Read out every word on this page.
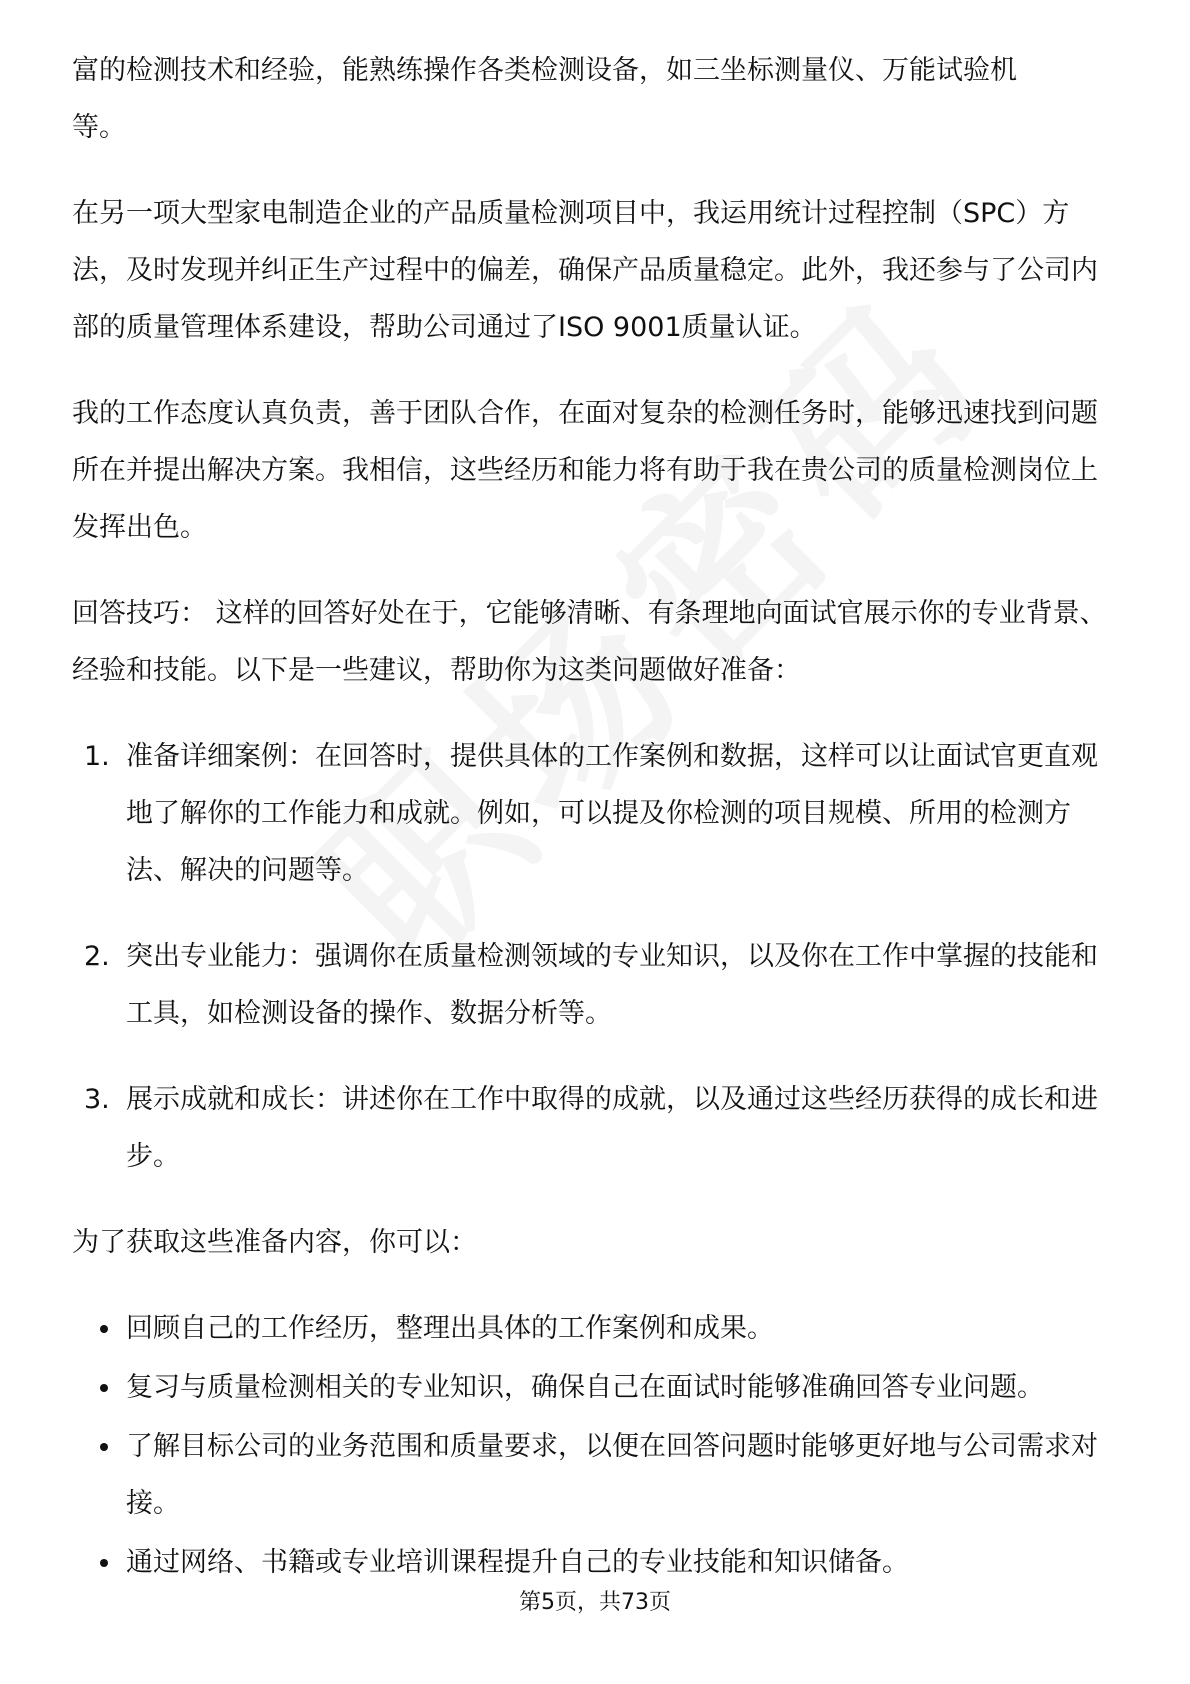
富的检测技术和经验，能熟练操作各类检测设备，如三坐标测量仪、万能试验机
等。

在另一项大型家电制造企业的产品质量检测项目中，我运用统计过程控制（SPC）方法，及时发现并纠正生产过程中的偏差，确保产品质量稳定。此外，我还参与了公司内部的质量管理体系建设，帮助公司通过了ISO 9001质量认证。

我的工作态度认真负责，善于团队合作，在面对复杂的检测任务时，能够迅速找到问题所在并提出解决方案。我相信，这些经历和能力将有助于我在贵公司的质量检测岗位上发挥出色。

回答技巧： 这样的回答好处在于，它能够清晰、有条理地向面试官展示你的专业背景、经验和技能。以下是一些建议，帮助你为这类问题做好准备：

1. 准备详细案例：在回答时，提供具体的工作案例和数据，这样可以让面试官更直观地了解你的工作能力和成就。例如，可以提及你检测的项目规模、所用的检测方法、解决的问题等。
2. 突出专业能力：强调你在质量检测领域的专业知识，以及你在工作中掌握的技能和工具，如检测设备的操作、数据分析等。
3. 展示成就和成长：讲述你在工作中取得的成就，以及通过这些经历获得的成长和进步。

为了获取这些准备内容，你可以：

回顾自己的工作经历，整理出具体的工作案例和成果。
复习与质量检测相关的专业知识，确保自己在面试时能够准确回答专业问题。
了解目标公司的业务范围和质量要求，以便在回答问题时能够更好地与公司需求对接。
通过网络、书籍或专业培训课程提升自己的专业技能和知识储备。
第5页，共73页
